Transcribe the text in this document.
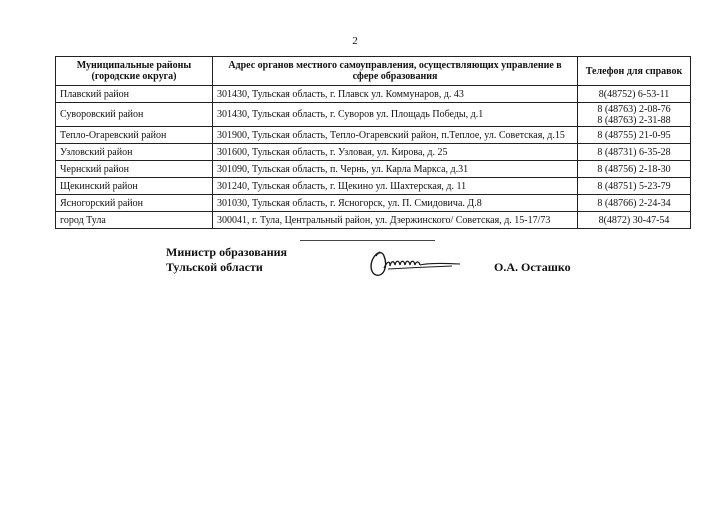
2
Муниципальные районы (городские округа)	Адрес органов местного самоуправления, осуществляющих управление в сфере образования	Телефон для справок
Плавский район	301430, Тульская область, г. Плавск ул. Коммунаров, д. 43	8(48752) 6-53-11

Суворовский район	301430, Тульская область, г. Суворов ул. Площадь Победы, д.1	8 (48763) 2-08-76
8 (48763) 2-31-88

Тепло-Огаревский район	301900, Тульская область, Тепло-Огаревский район, п.Теплое, ул. Советская, д.15	8 (48755) 21-0-95

Узловский район	301600, Тульская область, г. Узловая, ул. Кирова, д. 25	8 (48731) 6-35-28

Чернский район	301090, Тульская область, п. Чернь, ул. Карла Маркса, д.31	8 (48756) 2-18-30

Щекинский район	301240, Тульская область, г. Щекино ул. Шахтерская, д. 11	8 (48751) 5-23-79

Ясногорский район	301030, Тульская область, г. Ясногорск, ул. П. Смидовича. Д.8	8 (48766) 2-24-34

город Тула	300041, г. Тула, Центральный район, ул. Дзержинского/ Советская, д. 15-17/73	8(4872) 30-47-54
Министр образования
Тульской области	О.А. Осташко
